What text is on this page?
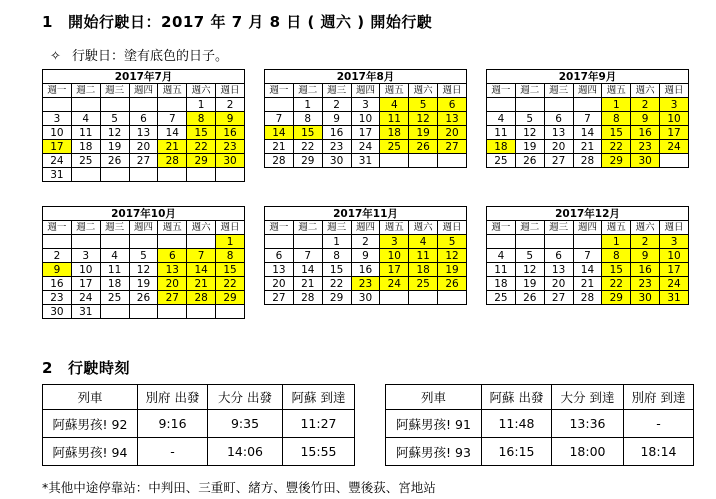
1 開始行駛日：2017 年 7 月 8 日 ( 週六 ) 開始行駛
✧ 行駛日：塗有底色的日子。
2017年7月						
週一	週二	週三	週四	週五	週六	週日
					1	2
3	4	5	6	7	8	9
10	11	12	13	14	15	16
17	18	19	20	21	22	23
24	25	26	27	28	29	30
31						
2017年8月						
週一	週二	週三	週四	週五	週六	週日
	1	2	3	4	5	6
7	8	9	10	11	12	13
14	15	16	17	18	19	20
21	22	23	24	25	26	27
28	29	30	31			
2017年9月						
週一	週二	週三	週四	週五	週六	週日
				1	2	3
4	5	6	7	8	9	10
11	12	13	14	15	16	17
18	19	20	21	22	23	24
25	26	27	28	29	30	
2017年10月						
週一	週二	週三	週四	週五	週六	週日
						1
2	3	4	5	6	7	8
9	10	11	12	13	14	15
16	17	18	19	20	21	22
23	24	25	26	27	28	29
30	31					
2017年11月						
週一	週二	週三	週四	週五	週六	週日
		1	2	3	4	5
6	7	8	9	10	11	12
13	14	15	16	17	18	19
20	21	22	23	24	25	26
27	28	29	30			
2017年12月						
週一	週二	週三	週四	週五	週六	週日
				1	2	3
4	5	6	7	8	9	10
11	12	13	14	15	16	17
18	19	20	21	22	23	24
25	26	27	28	29	30	31
2 行駛時刻
列車	別府 出發	大分 出發	阿蘇 到達
阿蘇男孩! 92	9:16	9:35	11:27
阿蘇男孩! 94	-	14:06	15:55
列車	阿蘇 出發	大分 到達	別府 到達
阿蘇男孩! 91	11:48	13:36	-
阿蘇男孩! 93	16:15	18:00	18:14
*其他中途停靠站：中判田、三重町、緒方、豐後竹田、豐後荻、宮地站
